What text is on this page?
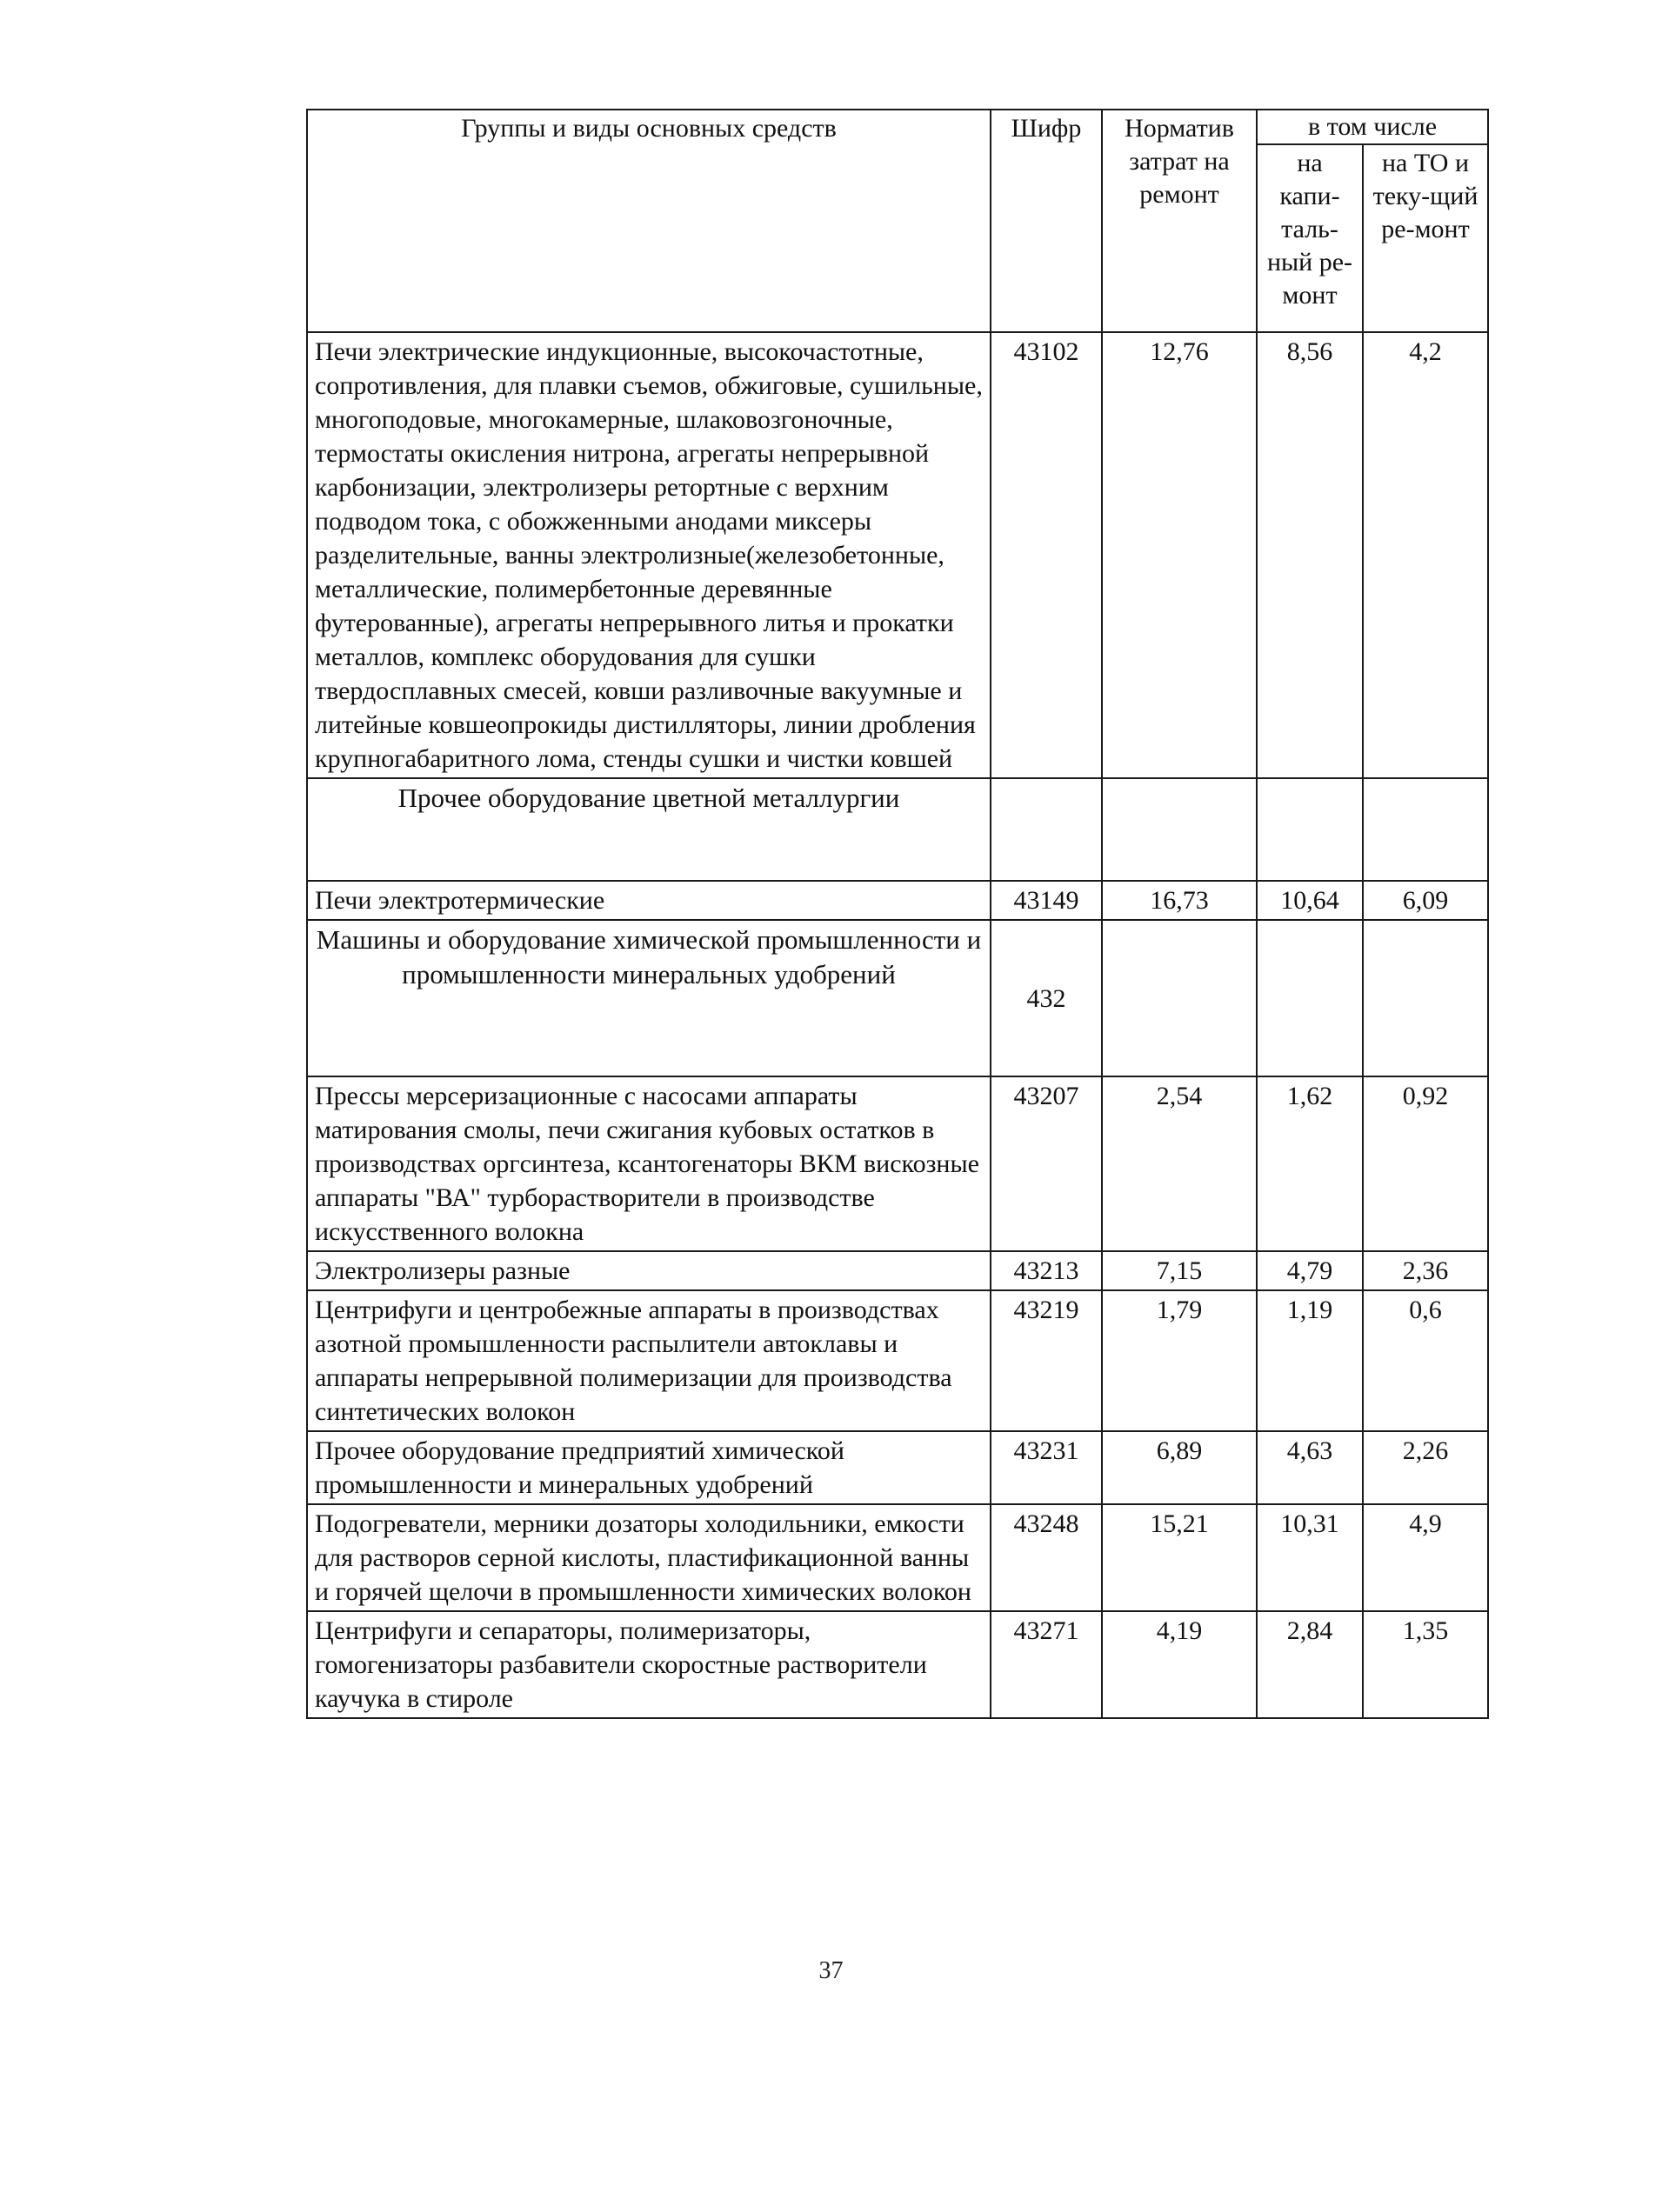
Группы и виды основных средств	Шифр	Норматив затрат на ремонт	в том числе	
			на капи-таль-ный ре-монт	на ТО и теку-щий ре-монт
Печи электрические индукционные, высокочастотные, сопротивления, для плавки съемов, обжиговые, сушильные, многоподовые, многокамерные, шлаковозгоночные, термостаты окисления нитрона, агрегаты непрерывной карбонизации, электролизеры ретортные с верхним подводом тока, с обожженными анодами миксеры разделительные, ванны электролизные(железобетонные, металлические, полимербетонные деревянные футерованные), агрегаты непрерывного литья и прокатки металлов, комплекс оборудования для сушки твердосплавных смесей, ковши разливочные вакуумные и литейные ковшеопрокиды дистилляторы, линии дробления крупногабаритного лома, стенды сушки и чистки ковшей	43102	12,76	8,56	4,2
Прочее оборудование цветной металлургии				
Печи электротермические	43149	16,73	10,64	6,09
Машины и оборудование химической промышленности и промышленности минеральных удобрений	432			
Прессы мерсеризационные с насосами аппараты матирования смолы, печи сжигания кубовых остатков в производствах оргсинтеза, ксантогенаторы ВКМ вискозные аппараты "ВА" турборастворители в производстве искусственного волокна	43207	2,54	1,62	0,92
Электролизеры разные	43213	7,15	4,79	2,36
Центрифуги и центробежные аппараты в производствах азотной промышленности распылители автоклавы и аппараты непрерывной полимеризации для производства синтетических волокон	43219	1,79	1,19	0,6
Прочее оборудование предприятий химической промышленности и минеральных удобрений	43231	6,89	4,63	2,26
Подогреватели, мерники дозаторы холодильники, емкости для растворов серной кислоты, пластификационной ванны и горячей щелочи в промышленности химических волокон	43248	15,21	10,31	4,9
Центрифуги и сепараторы, полимеризаторы, гомогенизаторы разбавители скоростные растворители каучука в стироле	43271	4,19	2,84	1,35
37
